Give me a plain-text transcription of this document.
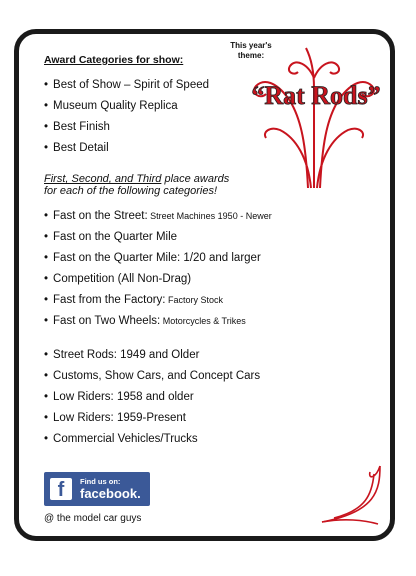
“Rat Rods”
This year's
theme:
Award Categories for show:
• Best of Show – Spirit of Speed
• Museum Quality Replica
• Best Finish
• Best Detail
First, Second, and Third place awards
for each of the following categories!
• Fast on the Street: Street Machines 1950 - Newer
• Fast on the Quarter Mile
• Fast on the Quarter Mile: 1/20 and larger
• Competition (All Non-Drag)
• Fast from the Factory: Factory Stock
• Fast on Two Wheels: Motorcycles & Trikes
• Street Rods: 1949 and Older
• Customs, Show Cars, and Concept Cars
• Low Riders: 1958 and older
• Low Riders: 1959-Present
• Commercial Vehicles/Trucks
f	Find us on:
facebook.
@ the model car guys
